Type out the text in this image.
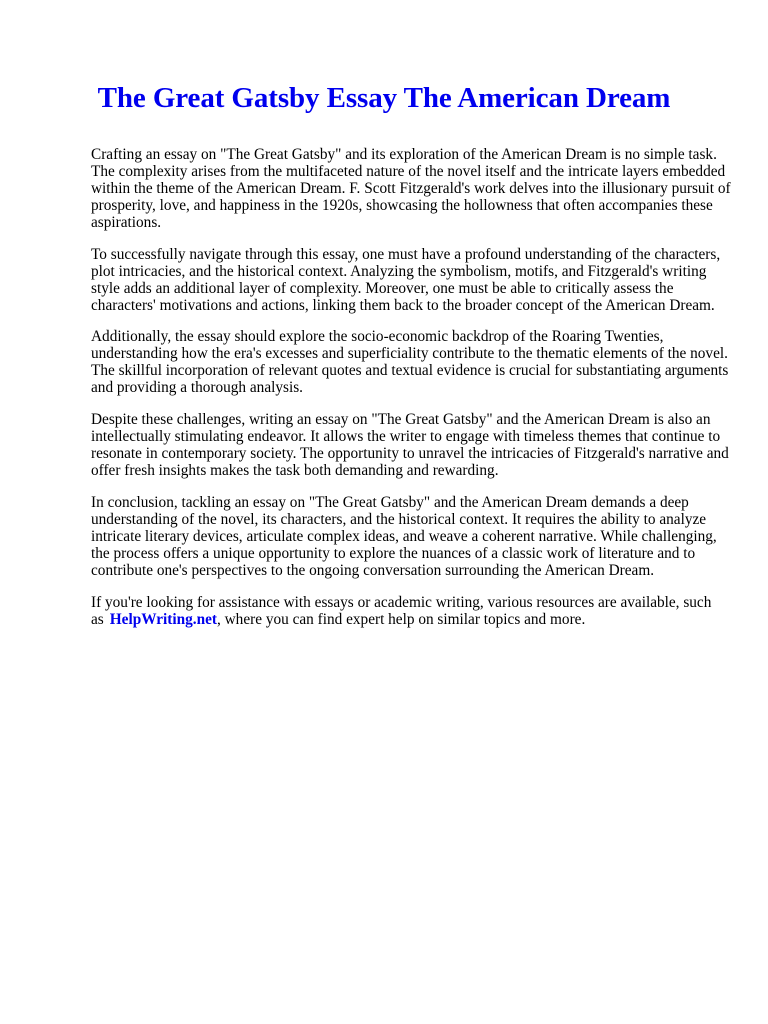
The Great Gatsby Essay The American Dream

Crafting an essay on "The Great Gatsby" and its exploration of the American Dream is no simple task. The complexity arises from the multifaceted nature of the novel itself and the intricate layers embedded within the theme of the American Dream. F. Scott Fitzgerald's work delves into the illusionary pursuit of prosperity, love, and happiness in the 1920s, showcasing the hollowness that often accompanies these aspirations.

To successfully navigate through this essay, one must have a profound understanding of the characters, plot intricacies, and the historical context. Analyzing the symbolism, motifs, and Fitzgerald's writing style adds an additional layer of complexity. Moreover, one must be able to critically assess the characters' motivations and actions, linking them back to the broader concept of the American Dream.

Additionally, the essay should explore the socio-economic backdrop of the Roaring Twenties, understanding how the era's excesses and superficiality contribute to the thematic elements of the novel. The skillful incorporation of relevant quotes and textual evidence is crucial for substantiating arguments and providing a thorough analysis.

Despite these challenges, writing an essay on "The Great Gatsby" and the American Dream is also an intellectually stimulating endeavor. It allows the writer to engage with timeless themes that continue to resonate in contemporary society. The opportunity to unravel the intricacies of Fitzgerald's narrative and offer fresh insights makes the task both demanding and rewarding.

In conclusion, tackling an essay on "The Great Gatsby" and the American Dream demands a deep understanding of the novel, its characters, and the historical context. It requires the ability to analyze intricate literary devices, articulate complex ideas, and weave a coherent narrative. While challenging, the process offers a unique opportunity to explore the nuances of a classic work of literature and to contribute one's perspectives to the ongoing conversation surrounding the American Dream.

If you're looking for assistance with essays or academic writing, various resources are available, such as HelpWriting.net, where you can find expert help on similar topics and more.
